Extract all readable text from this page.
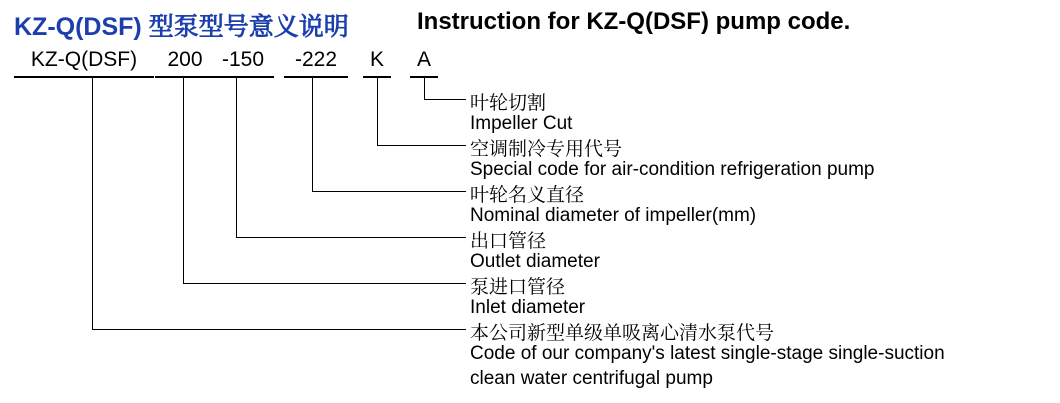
KZ-Q(DSF) 型泵型号意义说明	Instruction for KZ-Q(DSF) pump code.
KZ-Q(DSF)	200 -150	-222	K	A
叶轮切割
Impeller Cut
空调制冷专用代号
Special code for air-condition refrigeration pump
叶轮名义直径
Nominal diameter of impeller(mm)
出口管径
Outlet diameter
泵进口管径
Inlet diameter
本公司新型单级单吸离心清水泵代号
Code of our company's latest single-stage single-suction
clean water centrifugal pump
